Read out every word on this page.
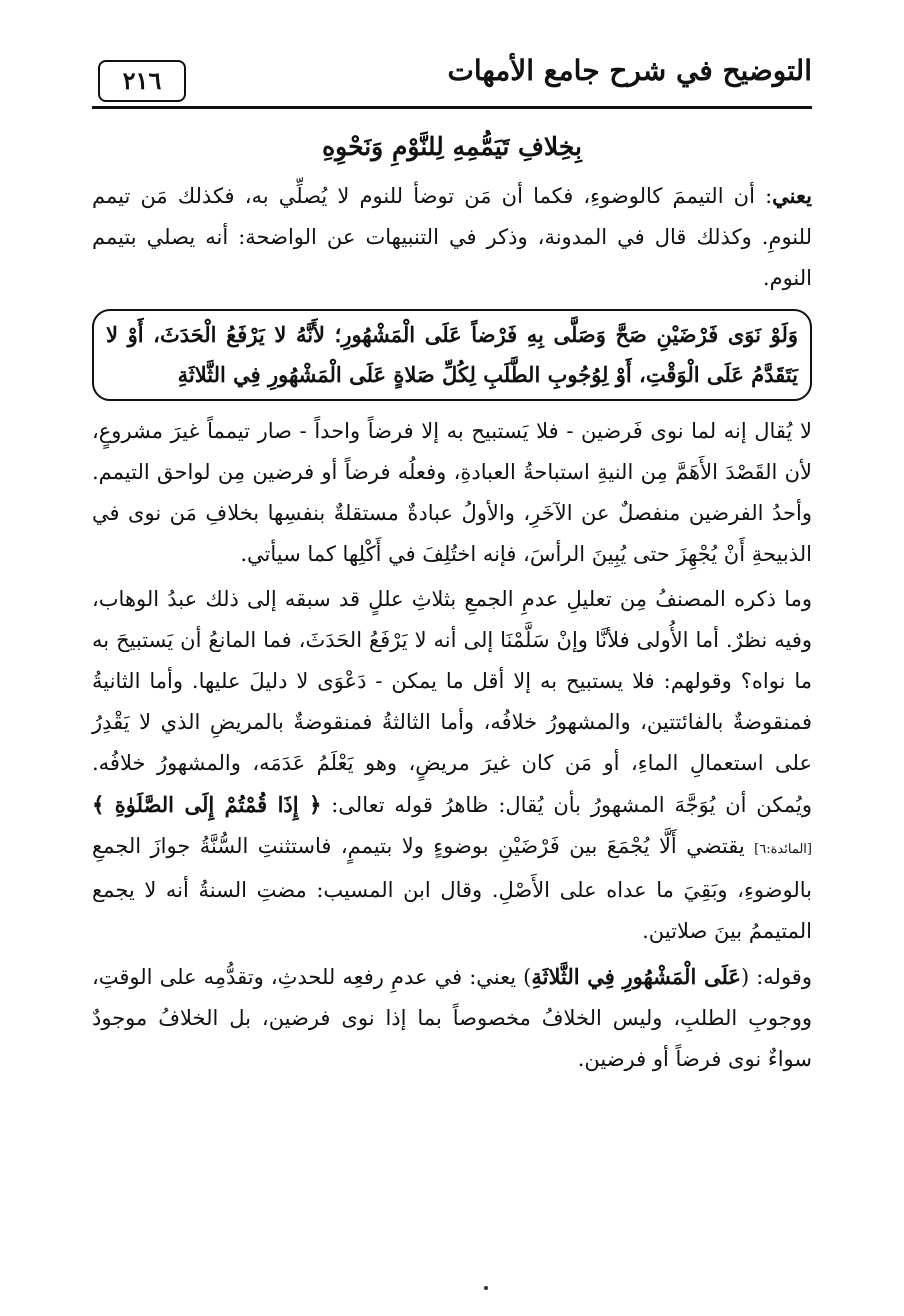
التوضيح في شرح جامع الأمهات
٢١٦
بِخِلافِ تَيَمُّمِهِ لِلنَّوْمِ وَنَحْوِهِ

يعني: أن التيممَ كالوضوءِ، فكما أن مَن توضأ للنوم لا يُصلِّي به، فكذلك مَن تيمم للنومِ. وكذلك قال في المدونة، وذكر في التنبيهات عن الواضحة: أنه يصلي بتيمم النوم.

وَلَوْ نَوَى فَرْضَيْنِ صَحَّ وَصَلَّى بِهِ فَرْضاً عَلَى الْمَشْهُورِ؛ لأَنَّهُ لا يَرْفَعُ الْحَدَثَ، أَوْ لا يَتَقَدَّمُ عَلَى الْوَقْتِ، أَوْ لِوُجُوبِ الطَّلَبِ لِكُلِّ صَلاةٍ عَلَى الْمَشْهُورِ فِي الثَّلاثَةِ

لا يُقال إنه لما نوى فَرضين - فلا يَستبيح به إلا فرضاً واحداً - صار تيمماً غيرَ مشروعٍ، لأن القَصْدَ الأَهَمَّ مِن النيةِ استباحةُ العبادةِ، وفعلُه فرضاً أو فرضين مِن لواحق التيمم. وأحدُ الفرضين منفصلٌ عن الآخَرِ، والأولُ عبادةٌ مستقلةٌ بنفسِها بخلافِ مَن نوى في الذبيحةِ أَنْ يُجْهِزَ حتى يُبِينَ الرأسَ، فإنه اختُلِفَ في أَكْلِها كما سيأتي.

وما ذكره المصنفُ مِن تعليلِ عدمِ الجمعِ بثلاثِ عللٍ قد سبقه إلى ذلك عبدُ الوهاب، وفيه نظرٌ. أما الأُولى فلأنَّا وإنْ سَلَّمْنَا إلى أنه لا يَرْفَعُ الحَدَثَ، فما المانعُ أن يَستبيحَ به ما نواه؟ وقولهم: فلا يستبيح به إلا أقل ما يمكن - دَعْوَى لا دليلَ عليها. وأما الثانيةُ فمنقوضةٌ بالفائتتين، والمشهورُ خلافُه، وأما الثالثةُ فمنقوضةٌ بالمريضِ الذي لا يَقْدِرُ على استعمالِ الماءِ، أو مَن كان غيرَ مريضٍ، وهو يَعْلَمُ عَدَمَه، والمشهورُ خلافُه. ويُمكن أن يُوَجَّهَ المشهورُ بأن يُقال: ظاهرُ قوله تعالى: ﴿ إِذَا قُمْتُمْ إِلَى الصَّلَوٰةِ ﴾ [المائدة:٦] يقتضي أَلَّا يُجْمَعَ بين فَرْضَيْنِ بوضوءٍ ولا بتيممٍ، فاستثنتِ السُّنَّةُ جوازَ الجمعِ بالوضوءِ، وبَقِيَ ما عداه على الأَصْلِ. وقال ابن المسيب: مضتِ السنةُ أنه لا يجمع المتيممُ بينَ صلاتين.

وقوله: (عَلَى الْمَشْهُورِ فِي الثَّلاثَةِ) يعني: في عدمِ رفعِه للحدثِ، وتقدُّمِه على الوقتِ، ووجوبِ الطلبِ، وليس الخلافُ مخصوصاً بما إذا نوى فرضين، بل الخلافُ موجودٌ سواءٌ نوى فرضاً أو فرضين.
